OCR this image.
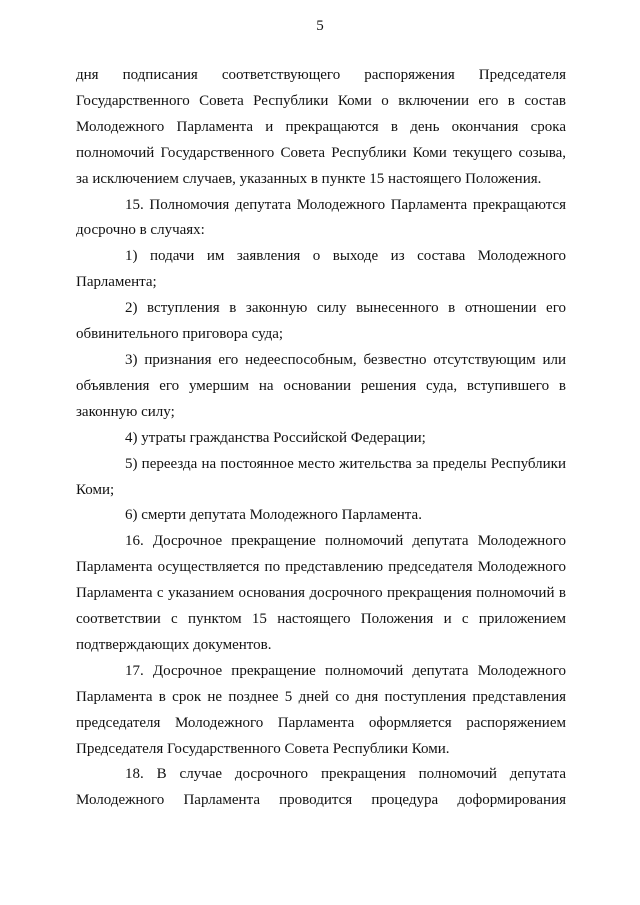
5

дня подписания соответствующего распоряжения Председателя Государственного Совета Республики Коми о включении его в состав Молодежного Парламента и прекращаются в день окончания срока полномочий Государственного Совета Республики Коми текущего созыва, за исключением случаев, указанных в пункте 15 настоящего Положения.

15. Полномочия депутата Молодежного Парламента прекращаются досрочно в случаях:

1) подачи им заявления о выходе из состава Молодежного Парламента;

2) вступления в законную силу вынесенного в отношении его обвинительного приговора суда;

3) признания его недееспособным, безвестно отсутствующим или объявления его умершим на основании решения суда, вступившего в законную силу;

4) утраты гражданства Российской Федерации;

5) переезда на постоянное место жительства за пределы Республики Коми;

6) смерти депутата Молодежного Парламента.

16. Досрочное прекращение полномочий депутата Молодежного Парламента осуществляется по представлению председателя Молодежного Парламента с указанием основания досрочного прекращения полномочий в соответствии с пунктом 15 настоящего Положения и с приложением подтверждающих документов.

17. Досрочное прекращение полномочий депутата Молодежного Парламента в срок не позднее 5 дней со дня поступления представления председателя Молодежного Парламента оформляется распоряжением Председателя Государственного Совета Республики Коми.

18. В случае досрочного прекращения полномочий депутата Молодежного Парламента проводится процедура доформирования
